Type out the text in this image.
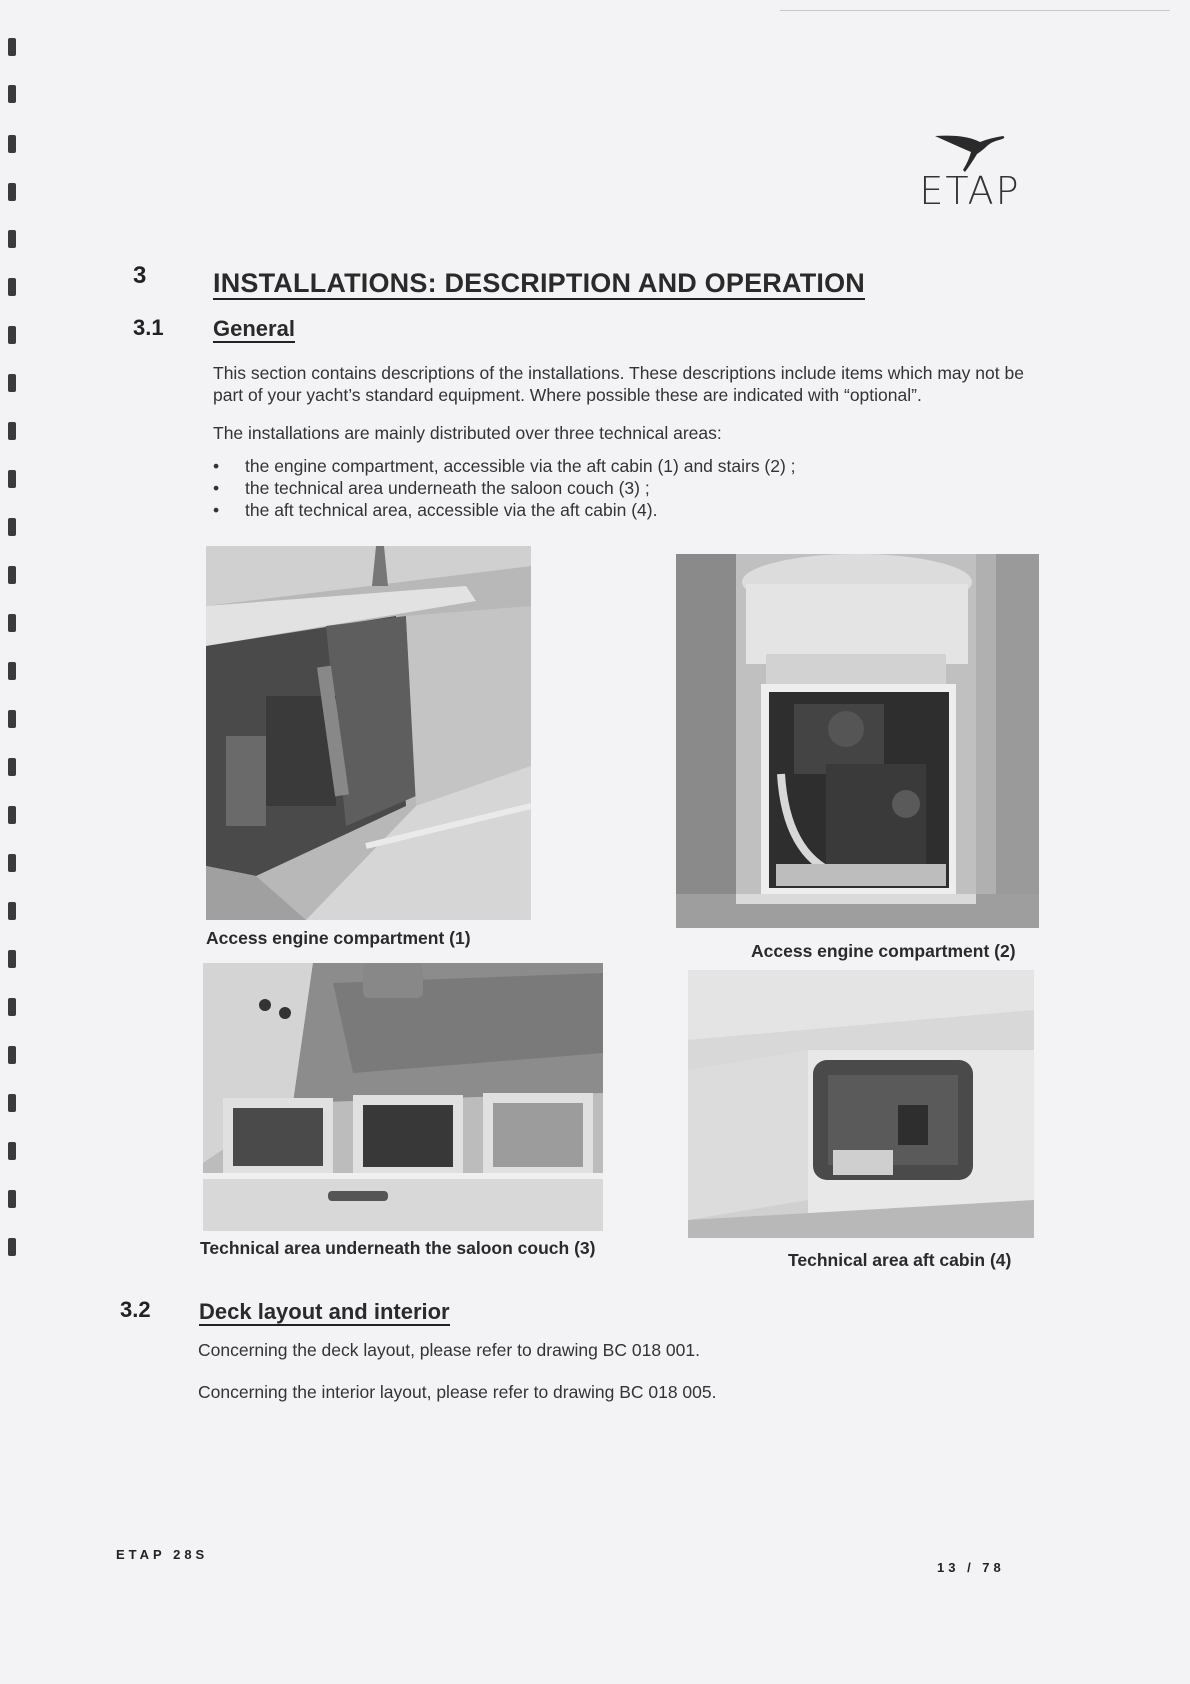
ETAP
3 INSTALLATIONS: DESCRIPTION AND OPERATION
3.1 General
This section contains descriptions of the installations. These descriptions include items which may not be part of your yacht’s standard equipment. Where possible these are indicated with “optional”.
The installations are mainly distributed over three technical areas:
• the engine compartment, accessible via the aft cabin (1) and stairs (2) ;
• the technical area underneath the saloon couch (3) ;
• the aft technical area, accessible via the aft cabin (4).
Access engine compartment (1)
Access engine compartment (2)
Technical area underneath the saloon couch (3)
Technical area aft cabin (4)
3.2 Deck layout and interior
Concerning the deck layout, please refer to drawing BC 018 001.
Concerning the interior layout, please refer to drawing BC 018 005.
ETAP 28S
13 / 78
